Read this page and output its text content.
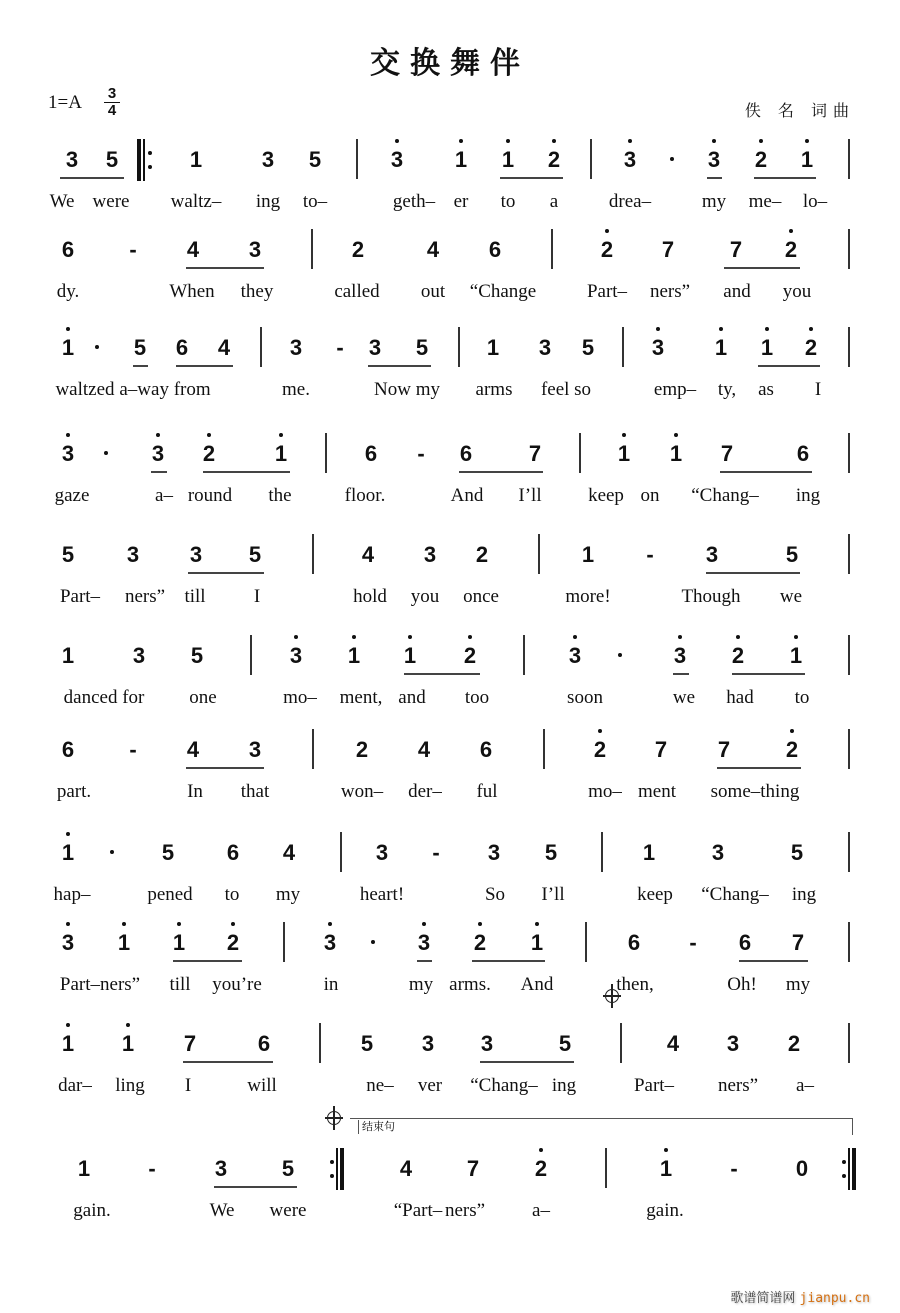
交换舞伴
$1=A \frac{3}{4}$	佚 名 词曲
3 5	1	3 5	3 1 1 2	3	3 2 1
We were waltz– ing to–	geth– er to a	drea–	my me– lo–
6	-	4 3	2	4 6	2 7	7 2
dy.	When they	called out “Change	Part– ners” and you
1	5 6 4	3	-	3 5	1 3 5	3 1 1 2
waltzed a–way from	me.	Now my arms feel so	emp– ty, as I
3	3 2	1	6	-	6	7	1 1 7	6
gaze	a– round the	floor.	And I’ll keep on “Chang– ing
5 3 3 5	4 3 2	1	-	3	5
Part– ners” till	I	hold you once	more!	Though we
1	3 5	3 1 1 2	3	3 2 1
danced for one	mo– ment, and too	soon	we had to
6	-	4 3	2 4 6	2 7 7	2
part.	In that	won– der– ful	mo– ment some–thing
1	5 6 4	3	-	3 5	1	3	5
hap–	pened to my	heart!	So I’ll	keep “Chang– ing
3 1 1 2	3	3 2 1	6	-	6 7
Part–ners” till you’re	in	my arms. And	then,	Oh! my
1 1 7	6	5 3 3	5	4 3 2
dar– ling I	will	ne– ver “Chang– ing	Part– ners” a–
1	-	3 5	4 7	2	1	-	0
gain.	We were	“Part– ners” a–	gain.
结束句
歌谱简谱网 jianpu.cn
